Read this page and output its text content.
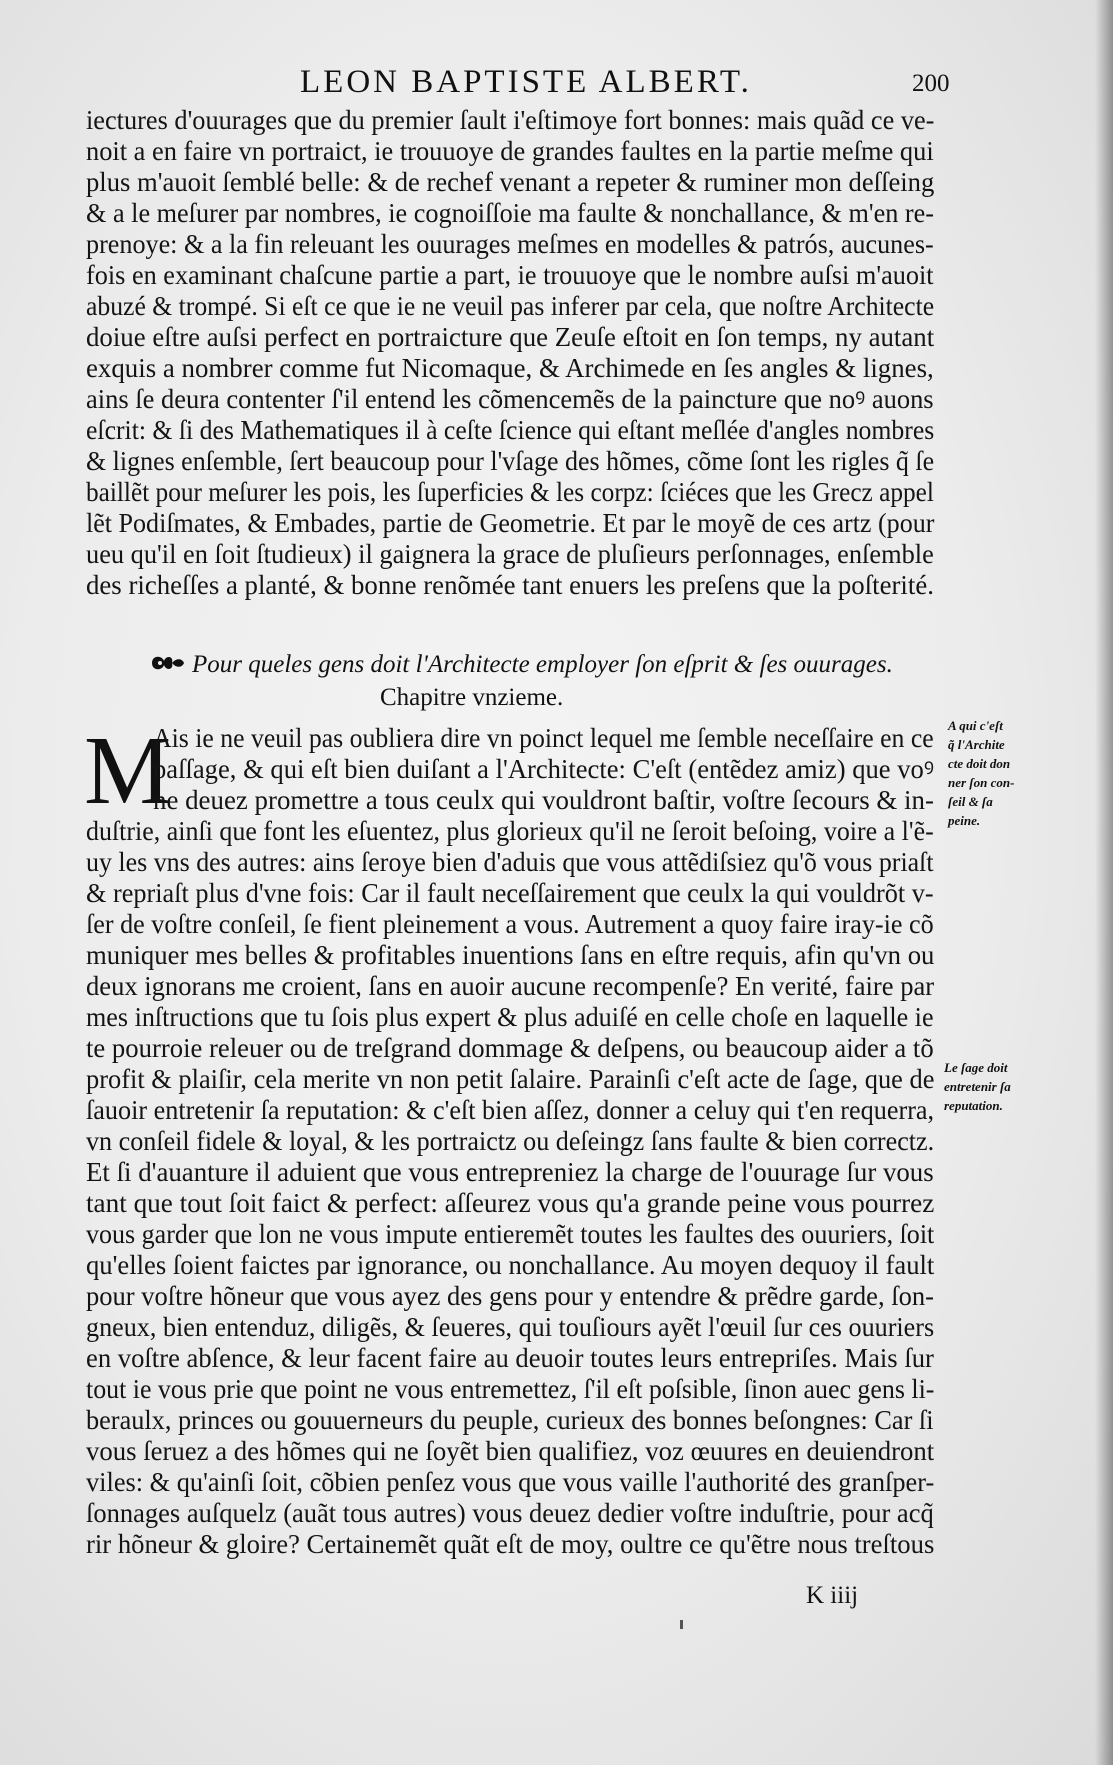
LEON BAPTISTE ALBERT.	200
iectures d'ouurages que du premier ſault i'eſtimoye fort bonnes: mais quãd ce ve-
noit a en faire vn portraict, ie trouuoye de grandes faultes en la partie meſme qui
plus m'auoit ſemblé belle: & de rechef venant a repeter & ruminer mon deſſeing
& a le meſurer par nombres, ie cognoiſſoie ma faulte & nonchallance, & m'en re-
prenoye: & a la fin releuant les ouurages meſmes en modelles & patrós, aucunes-
fois en examinant chaſcune partie a part, ie trouuoye que le nombre auſsi m'auoit
abuzé & trompé. Si eſt ce que ie ne veuil pas inferer par cela, que noſtre Architecte
doiue eſtre auſsi perfect en portraicture que Zeuſe eſtoit en ſon temps, ny autant
exquis a nombrer comme fut Nicomaque, & Archimede en ſes angles & lignes,
ains ſe deura contenter ſ'il entend les cõmencemẽs de la paincture que noꝰ auons
eſcrit: & ſi des Mathematiques il à ceſte ſcience qui eſtant meſlée d'angles nombres
& lignes enſemble, ſert beaucoup pour l'vſage des hõmes, cõme ſont les rigles q̃ ſe
baillẽt pour meſurer les pois, les ſuperficies & les corpz: ſciéces que les Grecz appel
lẽt Podiſmates, & Embades, partie de Geometrie. Et par le moyẽ de ces artz (pour
ueu qu'il en ſoit ſtudieux) il gaignera la grace de pluſieurs perſonnages, enſemble
des richeſſes a planté, & bonne renõmée tant enuers les preſens que la poſterité.
Pour queles gens doit l'Architecte employer ſon eſprit & ſes ouurages.
Chapitre vnzieme.
M
Ais ie ne veuil pas oubliera dire vn poinct lequel me ſemble neceſſaire en ce
paſſage, & qui eſt bien duiſant a l'Architecte: C'eſt (entẽdez amiz) que voꝰ
ne deuez promettre a tous ceulx qui vouldront baſtir, voſtre ſecours & in-
duſtrie, ainſi que font les eſuentez, plus glorieux qu'il ne ſeroit beſoing, voire a l'ẽ-
uy les vns des autres: ains ſeroye bien d'aduis que vous attẽdiſsiez qu'õ vous priaſt
& repriaſt plus d'vne fois: Car il fault neceſſairement que ceulx la qui vouldrõt v-
ſer de voſtre conſeil, ſe fient pleinement a vous. Autrement a quoy faire iray-ie cõ
muniquer mes belles & profitables inuentions ſans en eſtre requis, afin qu'vn ou
deux ignorans me croient, ſans en auoir aucune recompenſe? En verité, faire par
mes inſtructions que tu ſois plus expert & plus aduiſé en celle choſe en laquelle ie
te pourroie releuer ou de treſgrand dommage & deſpens, ou beaucoup aider a tõ
profit & plaiſir, cela merite vn non petit ſalaire. Parainſi c'eſt acte de ſage, que de
ſauoir entretenir ſa reputation: & c'eſt bien aſſez, donner a celuy qui t'en requerra,
vn conſeil fidele & loyal, & les portraictz ou deſeingz ſans faulte & bien correctz.
Et ſi d'auanture il aduient que vous entrepreniez la charge de l'ouurage ſur vous
tant que tout ſoit faict & perfect: aſſeurez vous qu'a grande peine vous pourrez
vous garder que lon ne vous impute entieremẽt toutes les faultes des ouuriers, ſoit
qu'elles ſoient faictes par ignorance, ou nonchallance. Au moyen dequoy il fault
pour voſtre hõneur que vous ayez des gens pour y entendre & prẽdre garde, ſon-
gneux, bien entenduz, diligẽs, & ſeueres, qui touſiours ayẽt l'œuil ſur ces ouuriers
en voſtre abſence, & leur facent faire au deuoir toutes leurs entrepriſes. Mais ſur
tout ie vous prie que point ne vous entremettez, ſ'il eſt poſsible, ſinon auec gens li-
beraulx, princes ou gouuerneurs du peuple, curieux des bonnes beſongnes: Car ſi
vous ſeruez a des hõmes qui ne ſoyẽt bien qualifiez, voz œuures en deuiendront
viles: & qu'ainſi ſoit, cõbien penſez vous que vous vaille l'authorité des granſper-
ſonnages auſquelz (auãt tous autres) vous deuez dedier voſtre induſtrie, pour acq̃
rir hõneur & gloire? Certainemẽt quãt eſt de moy, oultre ce qu'ẽtre nous treſtous
A qui c'eſt
q̃ l'Archite
cte doit don
ner ſon con-
ſeil & ſa
peine.
Le ſage doit
entretenir ſa
reputation.
K iiij
